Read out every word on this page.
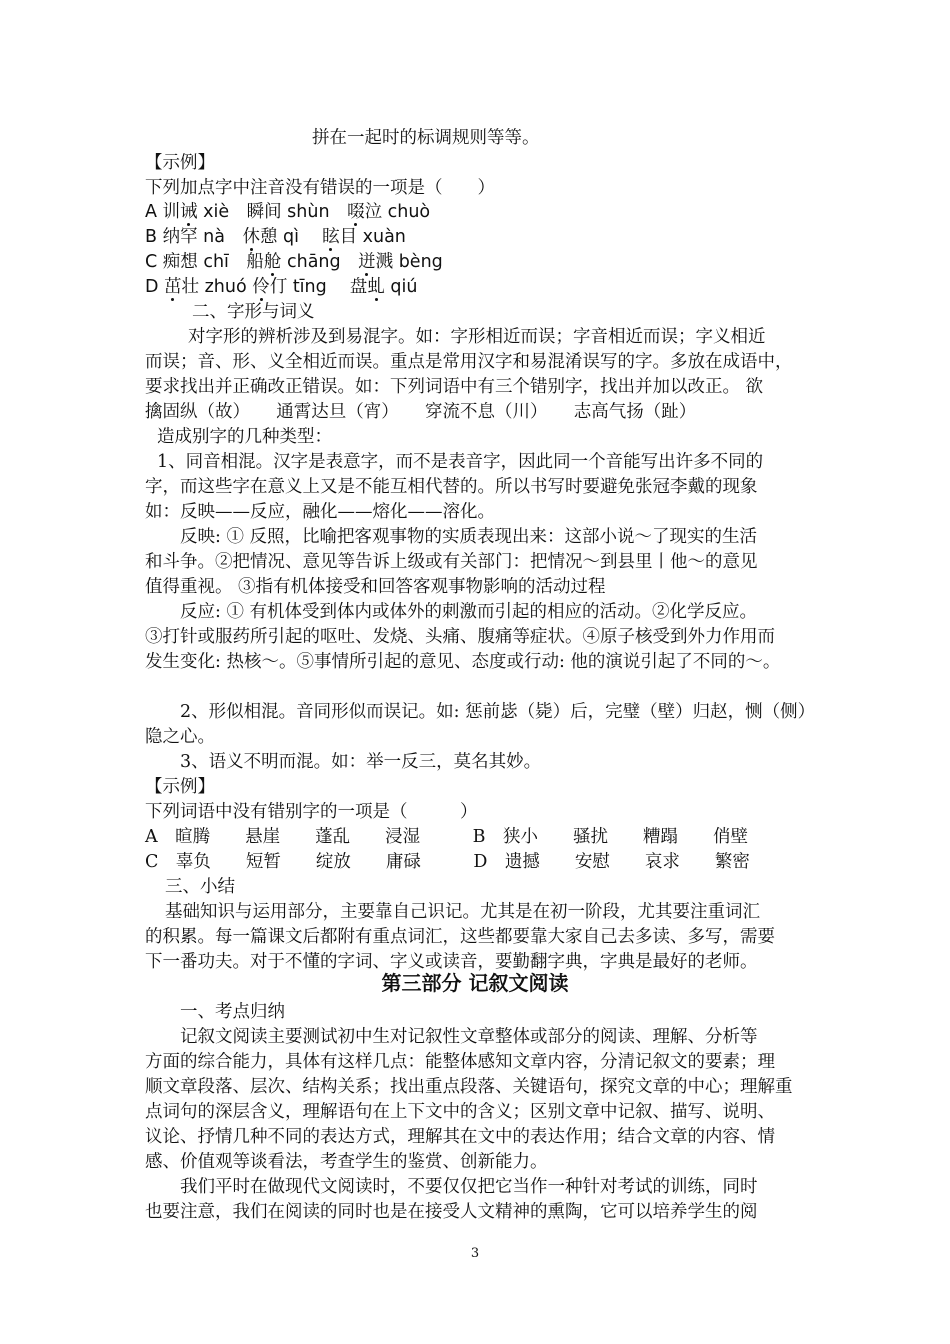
拼在一起时的标调规则等等。
【示例】
下列加点字中注音没有错误的一项是（　　）
A 训诫 xiè　瞬间 shùn　啜泣 chuò
B 纳罕 nà　休憩 qì　 眩目 xuàn
C 痴想 chī　船舱 chāng　迸溅 bèng
D 茁壮 zhuó 伶仃 tīng　 盘虬 qiú
二、字形与词义
对字形的辨析涉及到易混字。如：字形相近而误；字音相近而误；字义相近
而误；音、形、义全相近而误。重点是常用汉字和易混淆误写的字。多放在成语中，
要求找出并正确改正错误。如：下列词语中有三个错别字，找出并加以改正。 欲
擒固纵（故）　　通霄达旦（宵）　　穿流不息（川）　　志高气扬（趾）
造成别字的几种类型：
1、同音相混。汉字是表意字，而不是表音字，因此同一个音能写出许多不同的
字，而这些字在意义上又是不能互相代替的。所以书写时要避免张冠李戴的现象
如：反映——反应，融化——熔化——溶化。
反映: ① 反照，比喻把客观事物的实质表现出来：这部小说～了现实的生活
和斗争。②把情况、意见等告诉上级或有关部门：把情况～到县里丨他～的意见
值得重视。 ③指有机体接受和回答客观事物影响的活动过程
反应: ① 有机体受到体内或体外的刺激而引起的相应的活动。②化学反应。
③打针或服药所引起的呕吐、发烧、头痛、腹痛等症状。④原子核受到外力作用而
发生变化: 热核～。⑤事情所引起的意见、态度或行动: 他的演说引起了不同的～。
2、形似相混。音同形似而误记。如: 惩前毖（毙）后，完璧（壁）归赵，恻（侧）
隐之心。
3、语义不明而混。如：举一反三，莫名其妙。
【示例】
下列词语中没有错别字的一项是（　　　）
A　暄腾　　悬崖　　蓬乱　　浸湿　　　B　狭小　　骚扰　　糟蹋　　俏壁
C　辜负　　短暂　　绽放　　庸碌　　　D　遗撼　　安慰　　哀求　　繁密
三、小结
基础知识与运用部分，主要靠自己识记。尤其是在初一阶段，尤其要注重词汇
的积累。每一篇课文后都附有重点词汇，这些都要靠大家自己去多读、多写，需要
下一番功夫。对于不懂的字词、字义或读音，要勤翻字典，字典是最好的老师。
第三部分 记叙文阅读
一、考点归纳
记叙文阅读主要测试初中生对记叙性文章整体或部分的阅读、理解、分析等
方面的综合能力，具体有这样几点：能整体感知文章内容，分清记叙文的要素；理
顺文章段落、层次、结构关系；找出重点段落、关键语句，探究文章的中心；理解重
点词句的深层含义，理解语句在上下文中的含义；区别文章中记叙、描写、说明、
议论、抒情几种不同的表达方式，理解其在文中的表达作用；结合文章的内容、情
感、价值观等谈看法，考查学生的鉴赏、创新能力。
我们平时在做现代文阅读时，不要仅仅把它当作一种针对考试的训练，同时
也要注意，我们在阅读的同时也是在接受人文精神的熏陶，它可以培养学生的阅
3
